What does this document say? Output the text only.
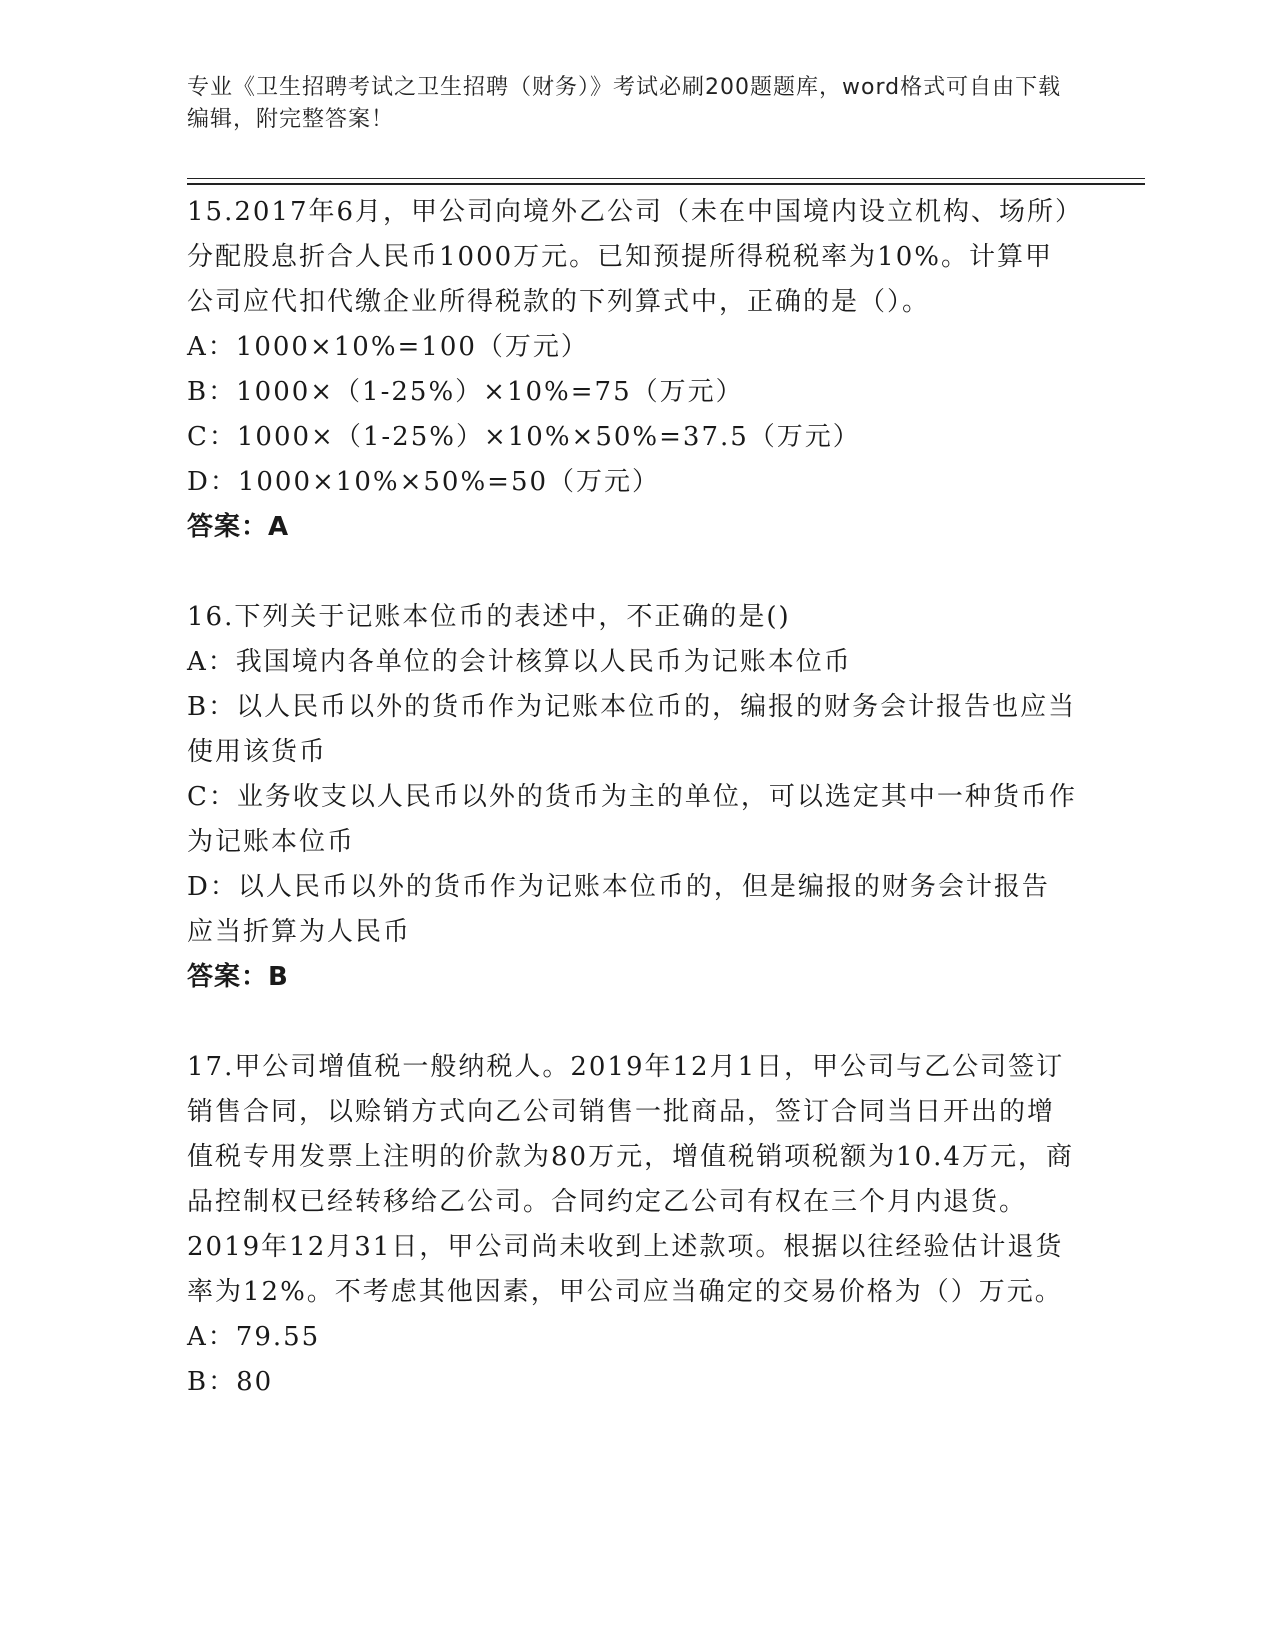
专业《卫生招聘考试之卫生招聘（财务）》考试必刷200题题库，word格式可自由下载编辑，附完整答案！

15.2017年6月，甲公司向境外乙公司（未在中国境内设立机构、场所）分配股息折合人民币1000万元。已知预提所得税税率为10%。计算甲公司应代扣代缴企业所得税款的下列算式中，正确的是（）。

A：1000×10%=100（万元）

B：1000×（1-25%）×10%=75（万元）

C：1000×（1-25%）×10%×50%=37.5（万元）

D：1000×10%×50%=50（万元）

答案：A

16.下列关于记账本位币的表述中，不正确的是()

A：我国境内各单位的会计核算以人民币为记账本位币

B：以人民币以外的货币作为记账本位币的，编报的财务会计报告也应当使用该货币

C：业务收支以人民币以外的货币为主的单位，可以选定其中一种货币作为记账本位币

D：以人民币以外的货币作为记账本位币的，但是编报的财务会计报告应当折算为人民币

答案：B

17.甲公司增值税一般纳税人。2019年12月1日，甲公司与乙公司签订销售合同，以赊销方式向乙公司销售一批商品，签订合同当日开出的增值税专用发票上注明的价款为80万元，增值税销项税额为10.4万元，商品控制权已经转移给乙公司。合同约定乙公司有权在三个月内退货。2019年12月31日，甲公司尚未收到上述款项。根据以往经验估计退货率为12%。不考虑其他因素，甲公司应当确定的交易价格为（）万元。

A：79.55

B：80
